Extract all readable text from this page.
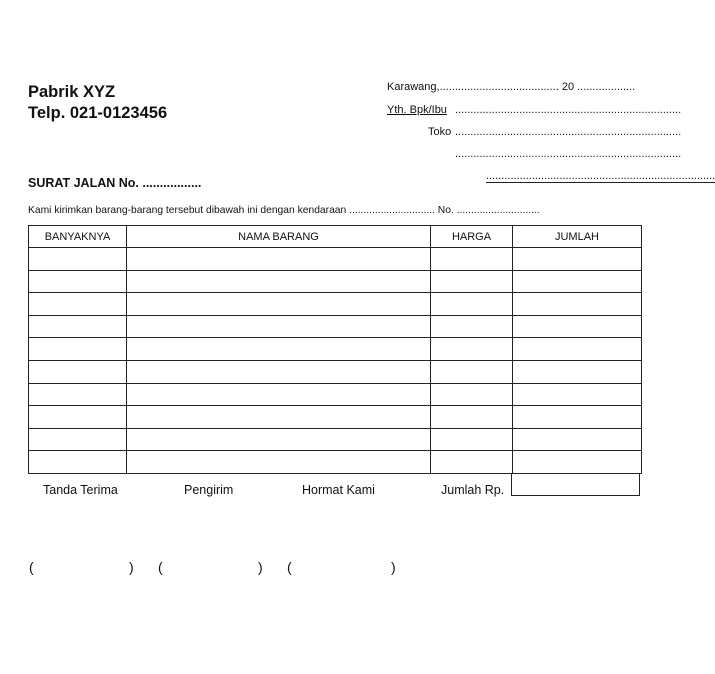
Pabrik XYZ
Telp. 021-0123456
Karawang,....................................... 20 ...................
Yth. Bpk/Ibu ..........................................................................
Toko ..........................................................................
..........................................................................
...........................................................................
SURAT JALAN No. .................
Kami kirimkan barang-barang tersebut dibawah ini dengan kendaraan .............................. No. .............................
BANYAKNYA	NAMA BARANG	HARGA	JUMLAH

Tanda Terima	Pengirim	Hormat Kami	Jumlah Rp.
(	) (	) (	)
